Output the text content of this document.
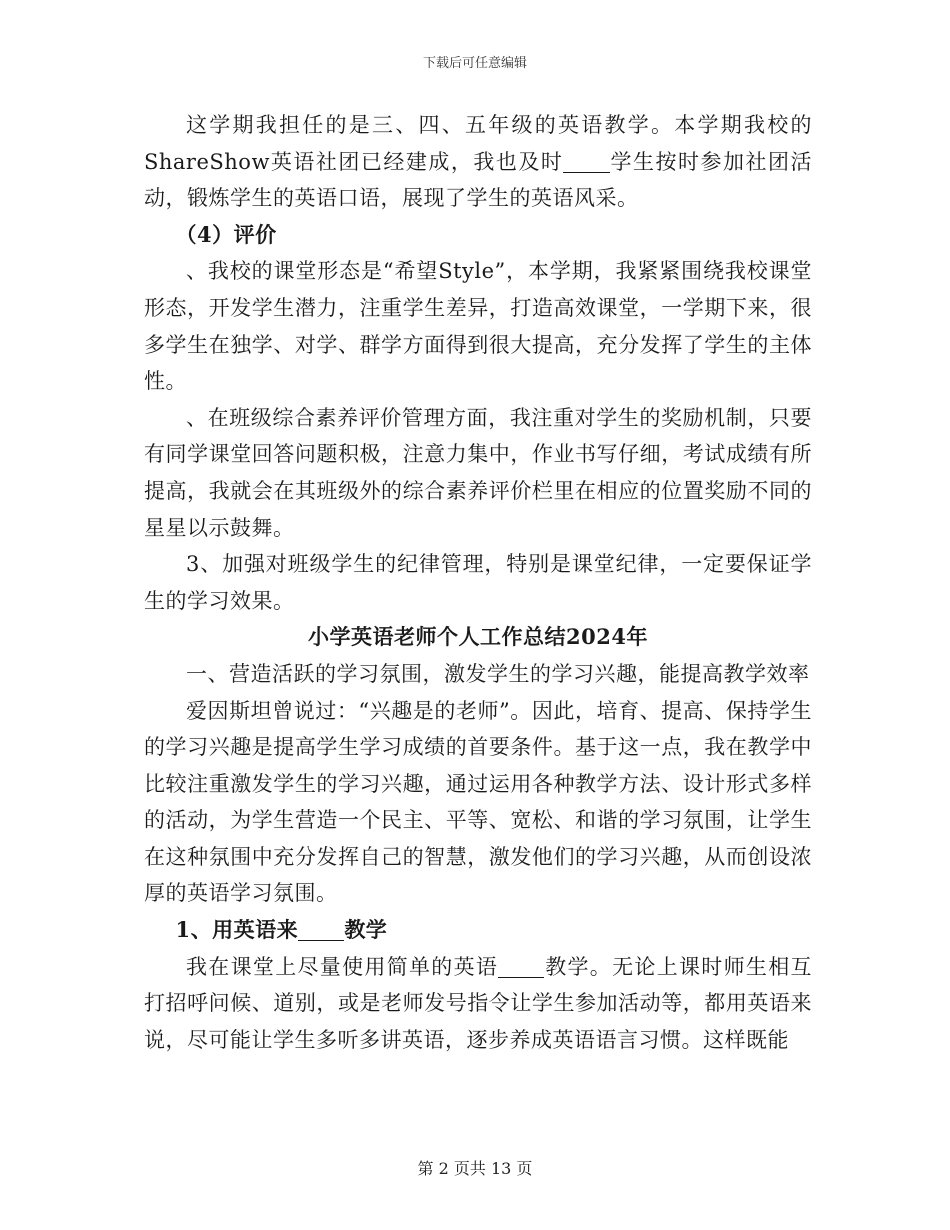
下载后可任意编辑

这学期我担任的是三、四、五年级的英语教学。本学期我校的ShareShow英语社团已经建成，我也及时 学生按时参加社团活动，锻炼学生的英语口语，展现了学生的英语风采。

（4）评价

、我校的课堂形态是“希望Style”，本学期，我紧紧围绕我校课堂形态，开发学生潜力，注重学生差异，打造高效课堂，一学期下来，很多学生在独学、对学、群学方面得到很大提高，充分发挥了学生的主体性。

、在班级综合素养评价管理方面，我注重对学生的奖励机制，只要有同学课堂回答问题积极，注意力集中，作业书写仔细，考试成绩有所提高，我就会在其班级外的综合素养评价栏里在相应的位置奖励不同的星星以示鼓舞。

3、加强对班级学生的纪律管理，特别是课堂纪律，一定要保证学生的学习效果。

小学英语老师个人工作总结2024年

一、营造活跃的学习氛围，激发学生的学习兴趣，能提高教学效率

爱因斯坦曾说过：“兴趣是的老师”。因此，培育、提高、保持学生的学习兴趣是提高学生学习成绩的首要条件。基于这一点，我在教学中比较注重激发学生的学习兴趣，通过运用各种教学方法、设计形式多样的活动，为学生营造一个民主、平等、宽松、和谐的学习氛围，让学生在这种氛围中充分发挥自己的智慧，激发他们的学习兴趣，从而创设浓厚的英语学习氛围。

1、用英语来 教学

我在课堂上尽量使用简单的英语 教学。无论上课时师生相互打招呼问候、道别，或是老师发号指令让学生参加活动等，都用英语来说，尽可能让学生多听多讲英语，逐步养成英语语言习惯。这样既能

第 2 页共 13 页
